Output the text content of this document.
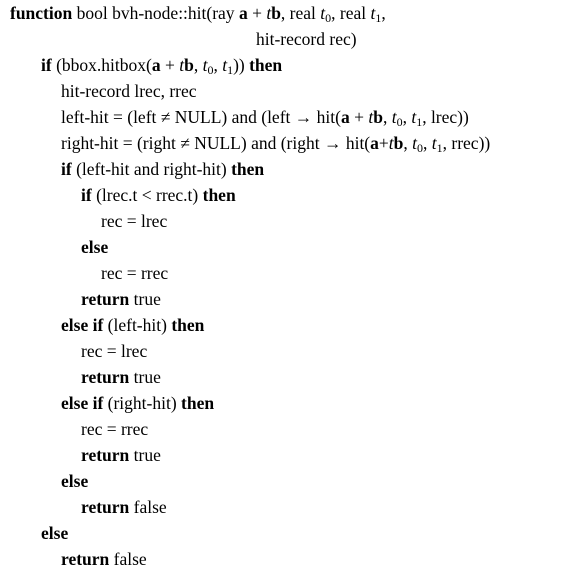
function bool bvh-node::hit(ray a + tb, real $t_0$, real $t_1$,
hit-record rec)
if (bbox.hitbox(a + tb, $t_0$, $t_1$)) then
hit-record lrec, rrec
left-hit = (left ≠ NULL) and (left → hit(a + tb, $t_0$, $t_1$, lrec))
right-hit = (right ≠ NULL) and (right → hit(a+tb, $t_0$, $t_1$, rrec))
if (left-hit and right-hit) then
if (lrec.t < rrec.t) then
rec = lrec
else
rec = rrec
return true
else if (left-hit) then
rec = lrec
return true
else if (right-hit) then
rec = rrec
return true
else
return false
else
return false
